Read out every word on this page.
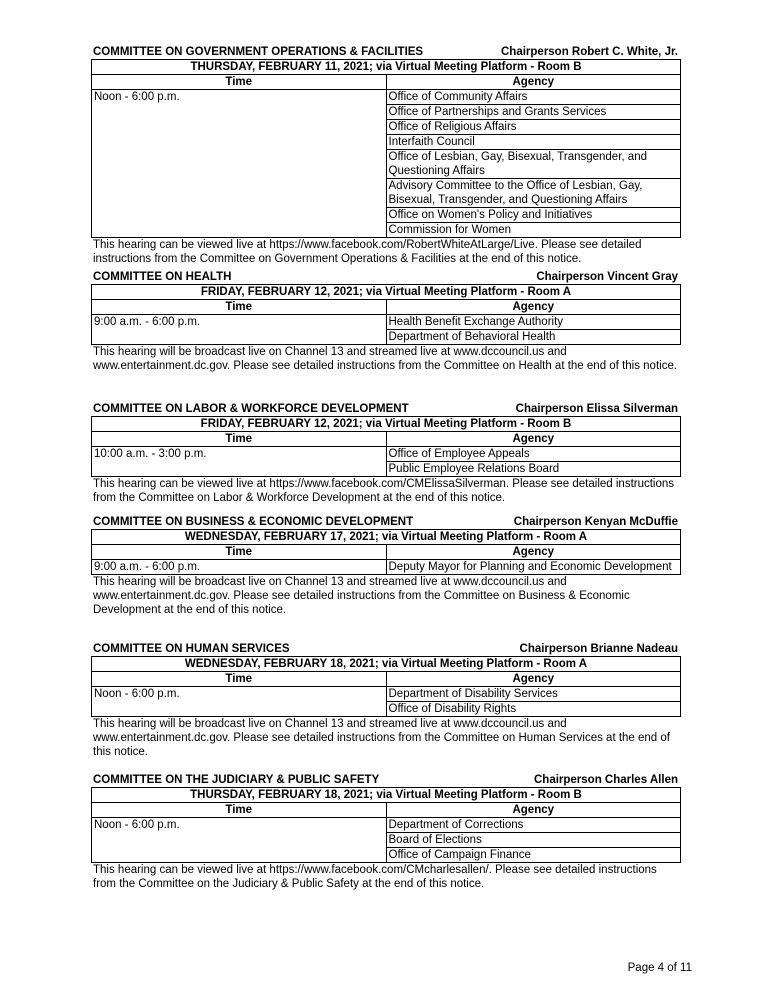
COMMITTEE ON GOVERNMENT OPERATIONS & FACILITIES	Chairperson Robert C. White, Jr.
THURSDAY, FEBRUARY 11, 2021; via Virtual Meeting Platform - Room B	
Time	Agency
Noon - 6:00 p.m.	Office of Community Affairs
	Office of Partnerships and Grants Services
	Office of Religious Affairs
	Interfaith Council
	Office of Lesbian, Gay, Bisexual, Transgender, and Questioning Affairs
	Advisory Committee to the Office of Lesbian, Gay, Bisexual, Transgender, and Questioning Affairs
	Office on Women's Policy and Initiatives
	Commission for Women
This hearing can be viewed live at https://www.facebook.com/RobertWhiteAtLarge/Live. Please see detailed instructions from the Committee on Government Operations & Facilities at the end of this notice.
COMMITTEE ON HEALTH	Chairperson Vincent Gray
FRIDAY, FEBRUARY 12, 2021; via Virtual Meeting Platform - Room A	
Time	Agency
9:00 a.m. - 6:00 p.m.	Health Benefit Exchange Authority
	Department of Behavioral Health
This hearing will be broadcast live on Channel 13 and streamed live at www.dccouncil.us and www.entertainment.dc.gov. Please see detailed instructions from the Committee on Health at the end of this notice.
COMMITTEE ON LABOR & WORKFORCE DEVELOPMENT	Chairperson Elissa Silverman
FRIDAY, FEBRUARY 12, 2021; via Virtual Meeting Platform - Room B	
Time	Agency
10:00 a.m. - 3:00 p.m.	Office of Employee Appeals
	Public Employee Relations Board
This hearing can be viewed live at https://www.facebook.com/CMElissaSilverman. Please see detailed instructions from the Committee on Labor & Workforce Development at the end of this notice.
COMMITTEE ON BUSINESS & ECONOMIC DEVELOPMENT	Chairperson Kenyan McDuffie
WEDNESDAY, FEBRUARY 17, 2021; via Virtual Meeting Platform - Room A	
Time	Agency
9:00 a.m. - 6:00 p.m.	Deputy Mayor for Planning and Economic Development
This hearing will be broadcast live on Channel 13 and streamed live at www.dccouncil.us and www.entertainment.dc.gov. Please see detailed instructions from the Committee on Business & Economic Development at the end of this notice.
COMMITTEE ON HUMAN SERVICES	Chairperson Brianne Nadeau
WEDNESDAY, FEBRUARY 18, 2021; via Virtual Meeting Platform - Room A	
Time	Agency
Noon - 6:00 p.m.	Department of Disability Services
	Office of Disability Rights
This hearing will be broadcast live on Channel 13 and streamed live at www.dccouncil.us and www.entertainment.dc.gov. Please see detailed instructions from the Committee on Human Services at the end of this notice.
COMMITTEE ON THE JUDICIARY & PUBLIC SAFETY	Chairperson Charles Allen
THURSDAY, FEBRUARY 18, 2021; via Virtual Meeting Platform - Room B	
Time	Agency
Noon - 6:00 p.m.	Department of Corrections
	Board of Elections
	Office of Campaign Finance
This hearing can be viewed live at https://www.facebook.com/CMcharlesallen/. Please see detailed instructions from the Committee on the Judiciary & Public Safety at the end of this notice.
Page 4 of 11
